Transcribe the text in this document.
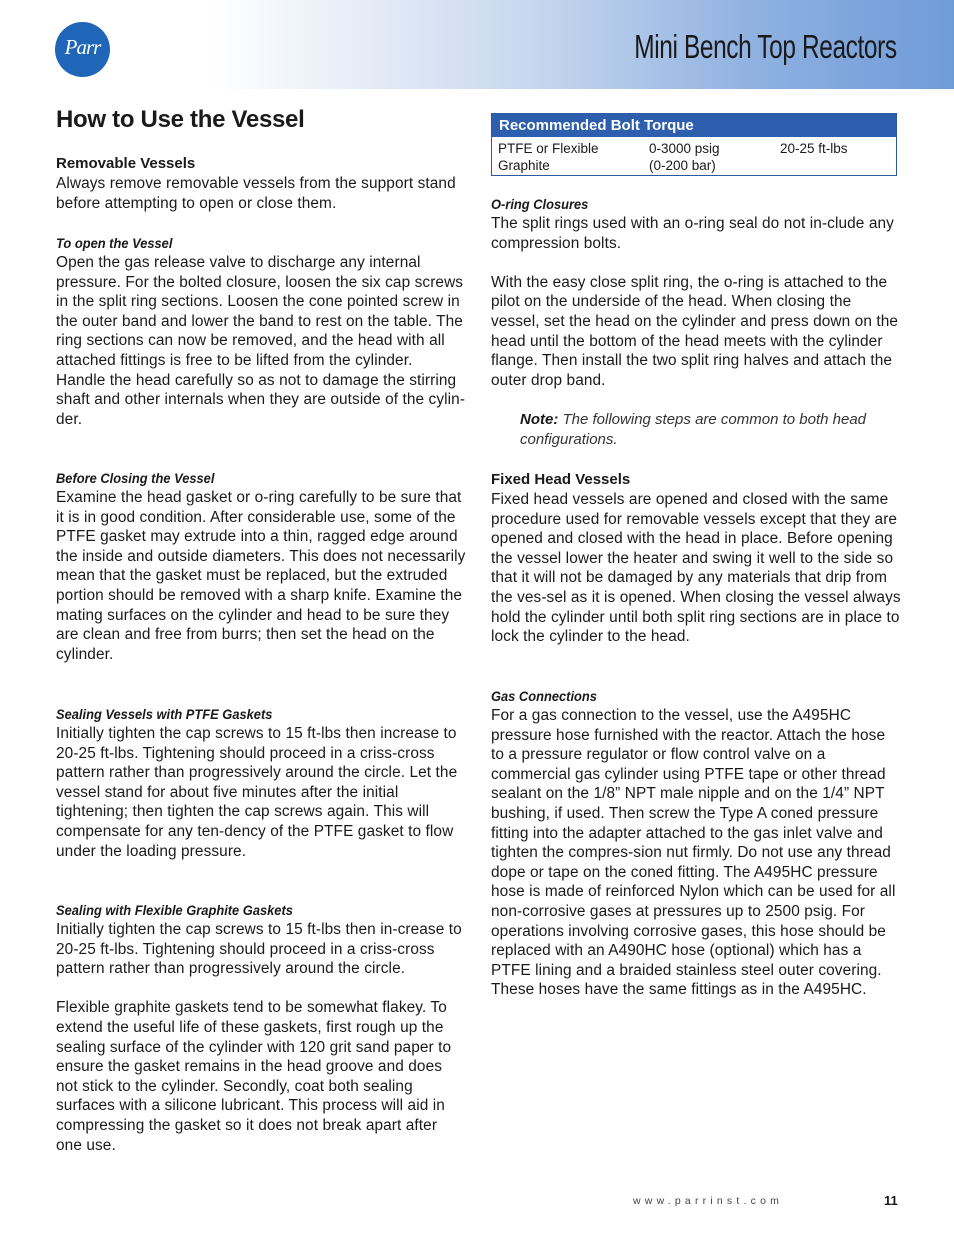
Parr	Mini Bench Top Reactors
How to Use the Vessel
Removable Vessels

Always remove removable vessels from the support stand before attempting to open or close them.

To open the Vessel

Open the gas release valve to discharge any internal pressure. For the bolted closure, loosen the six cap screws in the split ring sections. Loosen the cone pointed screw in the outer band and lower the band to rest on the table. The ring sections can now be removed, and the head with all attached fittings is free to be lifted from the cylinder. Handle the head carefully so as not to damage the stirring shaft and other internals when they are outside of the cylin-der.

Before Closing the Vessel

Examine the head gasket or o-ring carefully to be sure that it is in good condition. After considerable use, some of the PTFE gasket may extrude into a thin, ragged edge around the inside and outside diameters. This does not necessarily mean that the gasket must be replaced, but the extruded portion should be removed with a sharp knife. Examine the mating surfaces on the cylinder and head to be sure they are clean and free from burrs; then set the head on the cylinder.

Sealing Vessels with PTFE Gaskets

Initially tighten the cap screws to 15 ft-lbs then increase to 20-25 ft-lbs. Tightening should proceed in a criss-cross pattern rather than progressively around the circle. Let the vessel stand for about five minutes after the initial tightening; then tighten the cap screws again. This will compensate for any ten-dency of the PTFE gasket to flow under the loading pressure.

Sealing with Flexible Graphite Gaskets

Initially tighten the cap screws to 15 ft-lbs then in-crease to 20-25 ft-lbs. Tightening should proceed in a criss-cross pattern rather than progressively around the circle.

Flexible graphite gaskets tend to be somewhat flakey. To extend the useful life of these gaskets, first rough up the sealing surface of the cylinder with 120 grit sand paper to ensure the gasket remains in the head groove and does not stick to the cylinder. Secondly, coat both sealing surfaces with a silicone lubricant. This process will aid in compressing the gasket so it does not break apart after one use.

Recommended Bolt Torque
PTFE or Flexible Graphite
0-3000 psig
(0-200 bar)
20-25 ft-lbs
O-ring Closures

The split rings used with an o-ring seal do not in-clude any compression bolts.

With the easy close split ring, the o-ring is attached to the pilot on the underside of the head. When closing the vessel, set the head on the cylinder and press down on the head until the bottom of the head meets with the cylinder flange. Then install the two split ring halves and attach the outer drop band.

Fixed Head Vessels

Fixed head vessels are opened and closed with the same procedure used for removable vessels except that they are opened and closed with the head in place. Before opening the vessel lower the heater and swing it well to the side so that it will not be damaged by any materials that drip from the ves-sel as it is opened. When closing the vessel always hold the cylinder until both split ring sections are in place to lock the cylinder to the head.

Gas Connections

For a gas connection to the vessel, use the A495HC pressure hose furnished with the reactor. Attach the hose to a pressure regulator or flow control valve on a commercial gas cylinder using PTFE tape or other thread sealant on the 1/8” NPT male nipple and on the 1/4” NPT bushing, if used. Then screw the Type A coned pressure fitting into the adapter attached to the gas inlet valve and tighten the compres-sion nut firmly. Do not use any thread dope or tape on the coned fitting. The A495HC pressure hose is made of reinforced Nylon which can be used for all non-corrosive gases at pressures up to 2500 psig. For operations involving corrosive gases, this hose should be replaced with an A490HC hose (optional) which has a PTFE lining and a braided stainless steel outer covering. These hoses have the same fittings as in the A495HC.

Note: The following steps are common to both head configurations.
www.parrinst.com	11
